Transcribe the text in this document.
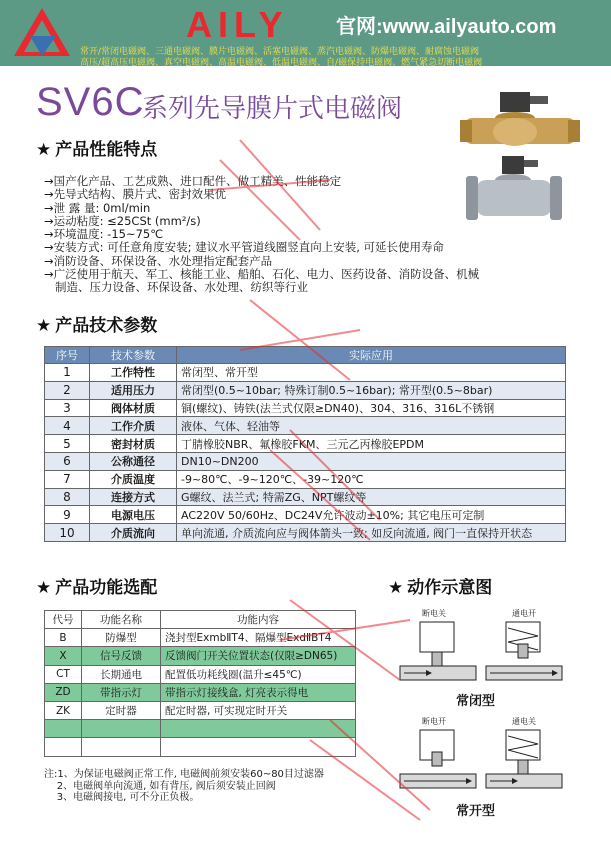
AILY 官网:www.ailyauto.com
常开/常闭电磁阀、三通电磁阀、膜片电磁阀、活塞电磁阀、蒸汽电磁阀、防爆电磁阀、耐腐蚀电磁阀
高压/超高压电磁阀、真空电磁阀、高温电磁阀、低温电磁阀、自/磁保持电磁阀、燃气紧急切断电磁阀
SV6C
系列先导膜片式电磁阀
★ 产品性能特点
→国产化产品、工艺成熟、进口配件、做工精美、性能稳定
→先导式结构、膜片式、密封效果优
→泄 露 量: 0ml/min
→运动粘度: ≤25CSt (mm²/s)
→环境温度: -15~75℃
→安装方式: 可任意角度安装; 建议水平管道线圈竖直向上安装, 可延长使用寿命
→消防设备、环保设备、水处理指定配套产品
→广泛使用于航天、军工、核能工业、船舶、石化、电力、医药设备、消防设备、机械
制造、压力设备、环保设备、水处理、纺织等行业
★ 产品技术参数
序号	技术参数	实际应用
1	工作特性	常闭型、常开型
2	适用压力	常闭型(0.5~10bar; 特殊订制0.5~16bar); 常开型(0.5~8bar)
3	阀体材质	铜(螺纹)、铸铁(法兰式仅限≥DN40)、304、316、316L不锈钢
4	工作介质	液体、气体、轻油等
5	密封材质	丁腈橡胶NBR、氟橡胶FKM、三元乙丙橡胶EPDM
6	公称通径	DN10~DN200
7	介质温度	-9~80℃、-9~120℃、-39~120℃
8	连接方式	G螺纹、法兰式; 特需ZG、NPT螺纹等
9	电源电压	AC220V 50/60Hz、DC24V允许波动±10%; 其它电压可定制
10	介质流向	单向流通, 介质流向应与阀体箭头一致; 如反向流通, 阀门一直保持开状态
★ 产品功能选配
代号	功能名称	功能内容
B	防爆型	浇封型ExmbⅡT4、隔爆型ExdⅡBT4
X	信号反馈	反馈阀门开关位置状态(仅限≥DN65)
CT	长期通电	配置低功耗线圈(温升≤45℃)
ZD	带指示灯	带指示灯接线盒, 灯亮表示得电
ZK	定时器	配定时器, 可实现定时开关

★ 动作示意图
断电关	通电开
常闭型
断电开	通电关
常开型
注:1、为保证电磁阀正常工作, 电磁阀前须安装60~80目过滤器
2、电磁阀单向流通, 如有背压, 阀后须安装止回阀
3、电磁阀接电, 可不分正负极。
